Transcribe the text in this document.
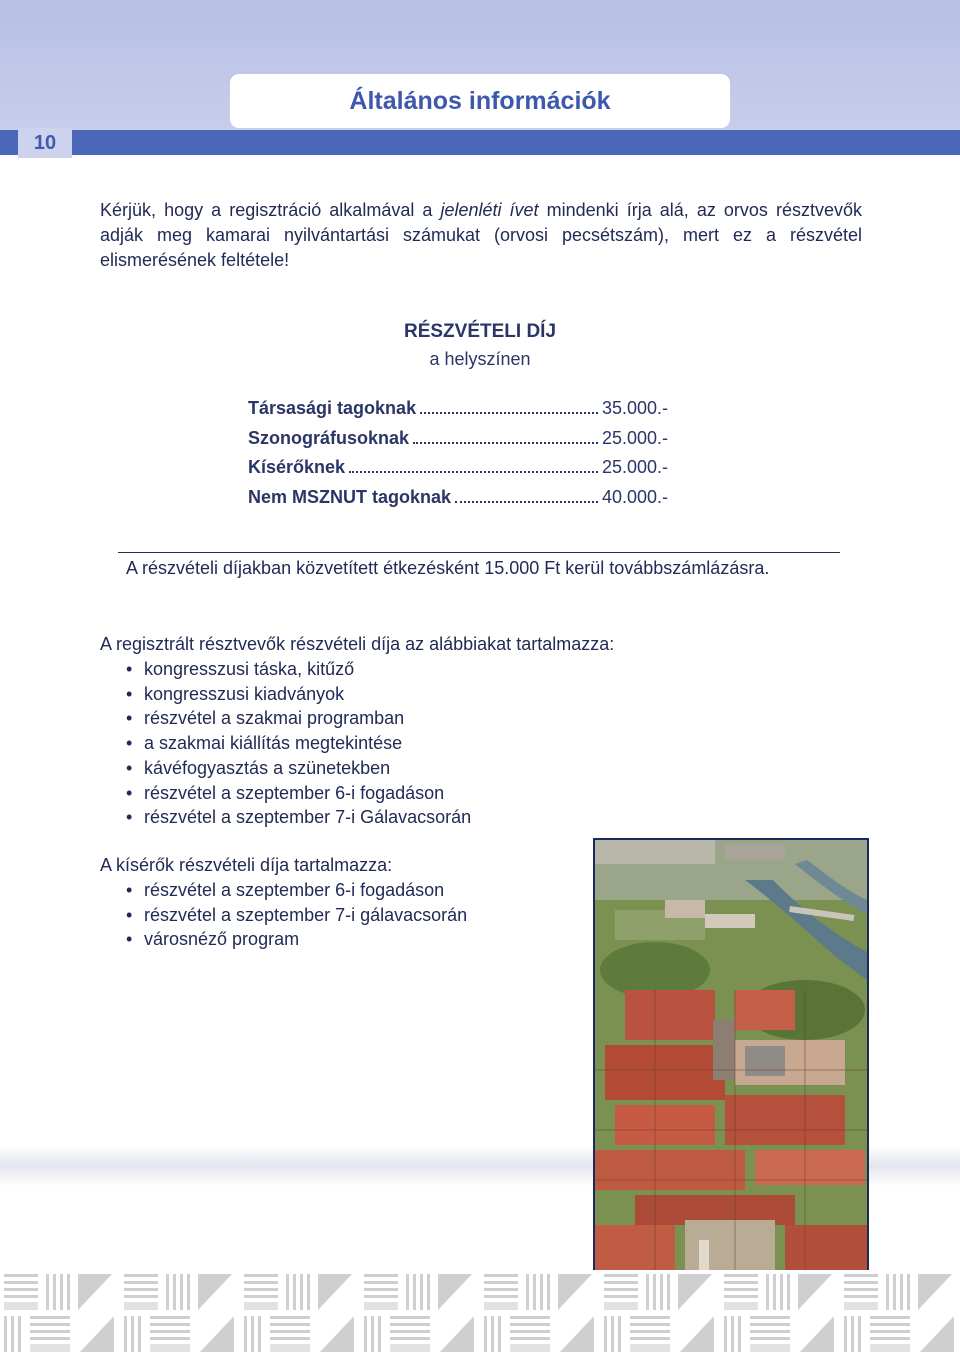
10
Általános információk

Kérjük, hogy a regisztráció alkalmával a jelenléti ívet mindenki írja alá, az orvos résztvevők adják meg kamarai nyilvántartási számukat (orvosi pecsétszám), mert ez a részvétel elismerésének feltétele!

RÉSZVÉTELI DÍJ
a helyszínen
Társasági tagoknak	35.000.-
Szonográfusoknak	25.000.-
Kísérőknek	25.000.-
Nem MSZNUT tagoknak	40.000.-
A részvételi díjakban közvetített étkezésként 15.000 Ft kerül továbbszámlázásra.
A regisztrált résztvevők részvételi díja az alábbiakat tartalmazza:
• kongresszusi táska, kitűző
• kongresszusi kiadványok
• részvétel a szakmai programban
• a szakmai kiállítás megtekintése
• kávéfogyasztás a szünetekben
• részvétel a szeptember 6-i fogadáson
• részvétel a szeptember 7-i Gálavacsorán
A kísérők részvételi díja tartalmazza:
• részvétel a szeptember 6-i fogadáson
• részvétel a szeptember 7-i gálavacsorán
• városnéző program
